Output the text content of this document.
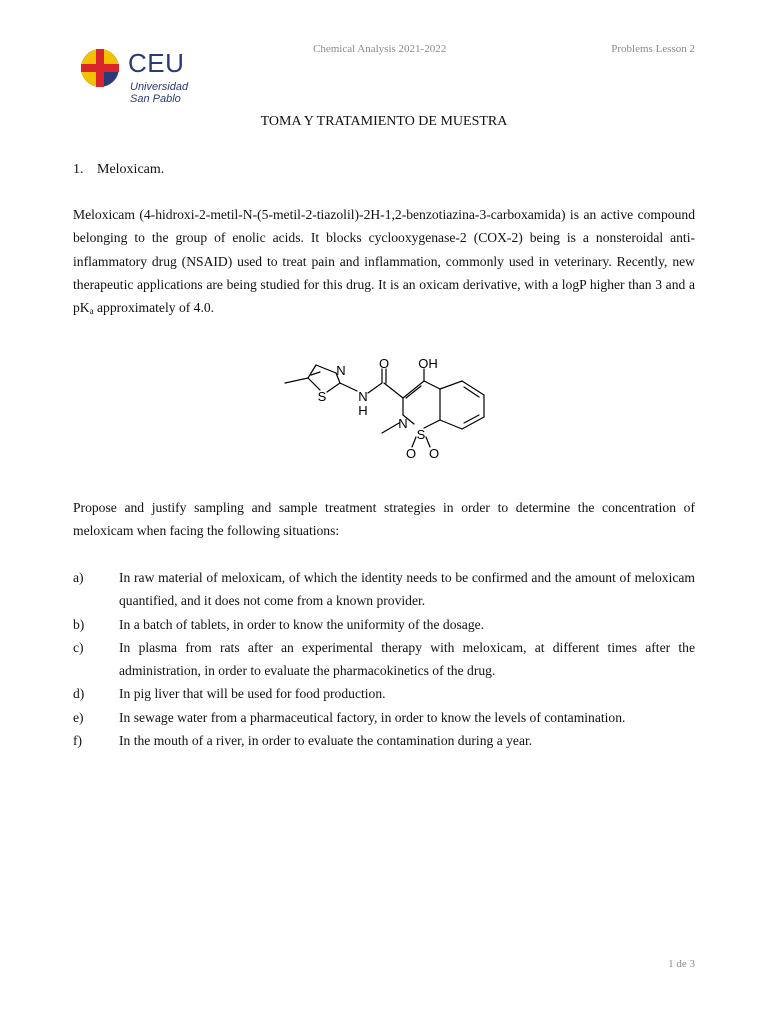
CEU
Universidad
San Pablo
Chemical Analysis 2021-2022	Problems Lesson 2
TOMA Y TRATAMIENTO DE MUESTRA
1. Meloxicam.

Meloxicam (4-hidroxi-2-metil-N-(5-metil-2-tiazolil)-2H-1,2-benzotiazina-3-carboxamida) is an active compound belonging to the group of enolic acids. It blocks cyclooxygenase-2 (COX-2) being is a nonsteroidal anti-inflammatory drug (NSAID) used to treat pain and inflammation, commonly used in veterinary. Recently, new therapeutic applications are being studied for this drug. It is an oxicam derivative, with a logP higher than 3 and a $pK_a$ approximately of 4.0.

N
S N
H
O OH
N
S
O O

Propose and justify sampling and sample treatment strategies in order to determine the concentration of meloxicam when facing the following situations:

a)	In raw material of meloxicam, of which the identity needs to be confirmed and the amount of meloxicam quantified, and it does not come from a known provider.
b)	In a batch of tablets, in order to know the uniformity of the dosage.
c)	In plasma from rats after an experimental therapy with meloxicam, at different times after the administration, in order to evaluate the pharmacokinetics of the drug.
d)	In pig liver that will be used for food production.
e)	In sewage water from a pharmaceutical factory, in order to know the levels of contamination.
f)	In the mouth of a river, in order to evaluate the contamination during a year.
1 de 3
